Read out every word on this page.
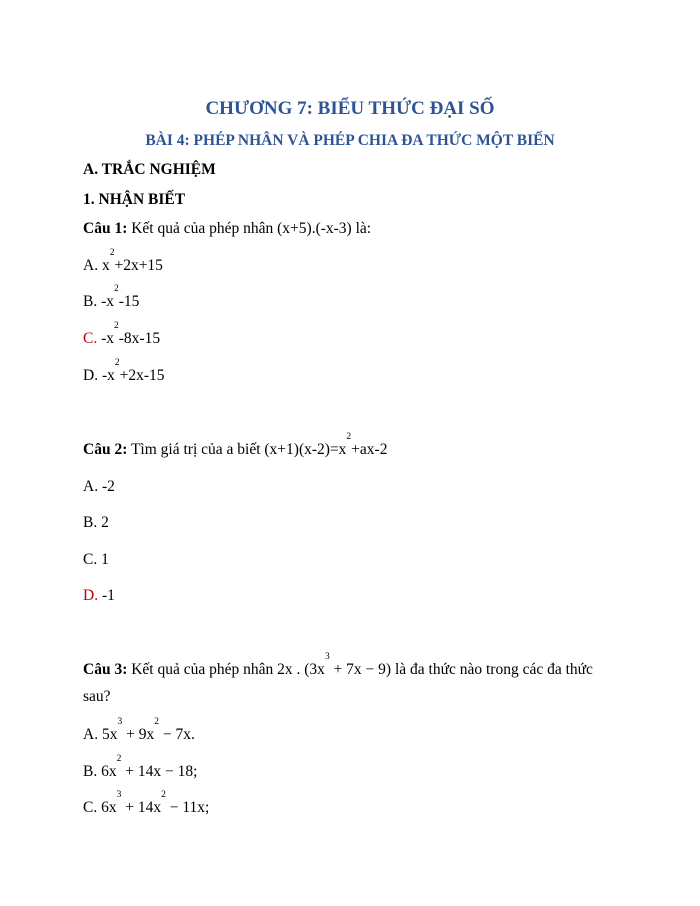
CHƯƠNG 7: BIỂU THỨC ĐẠI SỐ
BÀI 4: PHÉP NHÂN VÀ PHÉP CHIA ĐA THỨC MỘT BIẾN
A. TRẮC NGHIỆM
1. NHẬN BIẾT
Câu 1: Kết quả của phép nhân (x+5).(-x-3) là:
A. $x^2+2x+15$
B. $-x^2-15$
C. $-x^2-8x-15$
D. $-x^2+2x-15$
Câu 2: Tìm giá trị của a biết $(x+1)(x-2)=x^2+ax-2$
A. -2
B. 2
C. 1
D. -1
Câu 3: Kết quả của phép nhân 2x . $(3x^3 + 7x - 9)$ là đa thức nào trong các đa thức
sau?
A. $5x^3 + 9x^2 - 7x$.
B. $6x^2 + 14x - 18$;
C. $6x^3 + 14x^2 - 11x$;
